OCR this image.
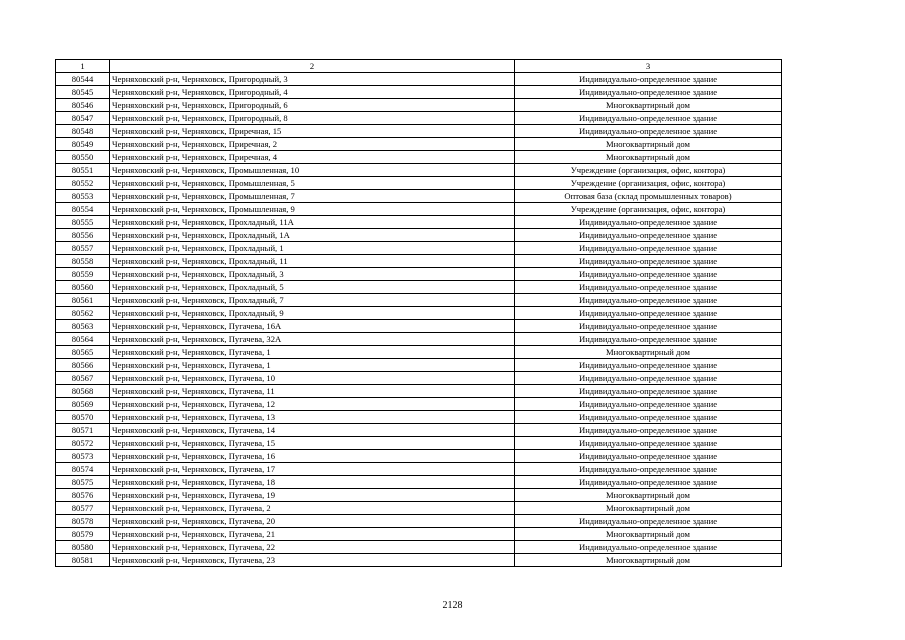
1	2	3
80544	Черняховский р-н, Черняховск, Пригородный, 3	Индивидуально-определенное здание
80545	Черняховский р-н, Черняховск, Пригородный, 4	Индивидуально-определенное здание
80546	Черняховский р-н, Черняховск, Пригородный, 6	Многоквартирный дом
80547	Черняховский р-н, Черняховск, Пригородный, 8	Индивидуально-определенное здание
80548	Черняховский р-н, Черняховск, Приречная, 15	Индивидуально-определенное здание
80549	Черняховский р-н, Черняховск, Приречная, 2	Многоквартирный дом
80550	Черняховский р-н, Черняховск, Приречная, 4	Многоквартирный дом
80551	Черняховский р-н, Черняховск, Промышленная, 10	Учреждение (организация, офис, контора)
80552	Черняховский р-н, Черняховск, Промышленная, 5	Учреждение (организация, офис, контора)
80553	Черняховский р-н, Черняховск, Промышленная, 7	Оптовая база (склад промышленных товаров)
80554	Черняховский р-н, Черняховск, Промышленная, 9	Учреждение (организация, офис, контора)
80555	Черняховский р-н, Черняховск, Прохладный, 11А	Индивидуально-определенное здание
80556	Черняховский р-н, Черняховск, Прохладный, 1А	Индивидуально-определенное здание
80557	Черняховский р-н, Черняховск, Прохладный, 1	Индивидуально-определенное здание
80558	Черняховский р-н, Черняховск, Прохладный, 11	Индивидуально-определенное здание
80559	Черняховский р-н, Черняховск, Прохладный, 3	Индивидуально-определенное здание
80560	Черняховский р-н, Черняховск, Прохладный, 5	Индивидуально-определенное здание
80561	Черняховский р-н, Черняховск, Прохладный, 7	Индивидуально-определенное здание
80562	Черняховский р-н, Черняховск, Прохладный, 9	Индивидуально-определенное здание
80563	Черняховский р-н, Черняховск, Пугачева, 16А	Индивидуально-определенное здание
80564	Черняховский р-н, Черняховск, Пугачева, 32А	Индивидуально-определенное здание
80565	Черняховский р-н, Черняховск, Пугачева, 1	Многоквартирный дом
80566	Черняховский р-н, Черняховск, Пугачева, 1	Индивидуально-определенное здание
80567	Черняховский р-н, Черняховск, Пугачева, 10	Индивидуально-определенное здание
80568	Черняховский р-н, Черняховск, Пугачева, 11	Индивидуально-определенное здание
80569	Черняховский р-н, Черняховск, Пугачева, 12	Индивидуально-определенное здание
80570	Черняховский р-н, Черняховск, Пугачева, 13	Индивидуально-определенное здание
80571	Черняховский р-н, Черняховск, Пугачева, 14	Индивидуально-определенное здание
80572	Черняховский р-н, Черняховск, Пугачева, 15	Индивидуально-определенное здание
80573	Черняховский р-н, Черняховск, Пугачева, 16	Индивидуально-определенное здание
80574	Черняховский р-н, Черняховск, Пугачева, 17	Индивидуально-определенное здание
80575	Черняховский р-н, Черняховск, Пугачева, 18	Индивидуально-определенное здание
80576	Черняховский р-н, Черняховск, Пугачева, 19	Многоквартирный дом
80577	Черняховский р-н, Черняховск, Пугачева, 2	Многоквартирный дом
80578	Черняховский р-н, Черняховск, Пугачева, 20	Индивидуально-определенное здание
80579	Черняховский р-н, Черняховск, Пугачева, 21	Многоквартирный дом
80580	Черняховский р-н, Черняховск, Пугачева, 22	Индивидуально-определенное здание
80581	Черняховский р-н, Черняховск, Пугачева, 23	Многоквартирный дом
2128
